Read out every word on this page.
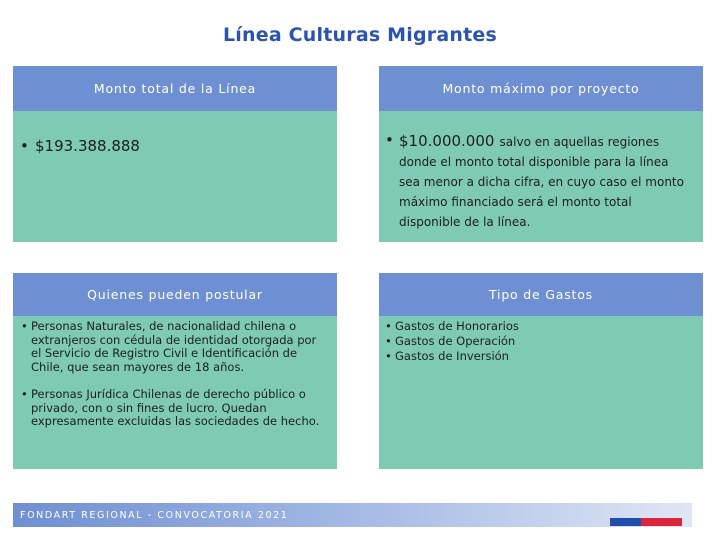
Línea Culturas Migrantes
Monto total de la Línea
• $193.388.888
Monto máximo por proyecto
• $10.000.000 salvo en aquellas regiones donde el monto total disponible para la línea sea menor a dicha cifra, en cuyo caso el monto máximo financiado será el monto total disponible de la línea.
Quienes pueden postular
• Personas Naturales, de nacionalidad chilena o extranjeros con cédula de identidad otorgada por el Servicio de Registro Civil e Identificación de Chile, que sean mayores de 18 años.
• Personas Jurídica Chilenas de derecho público o privado, con o sin fines de lucro. Quedan expresamente excluidas las sociedades de hecho.
Tipo de Gastos
• Gastos de Honorarios
• Gastos de Operación
• Gastos de Inversión
FONDART REGIONAL - CONVOCATORIA 2021
